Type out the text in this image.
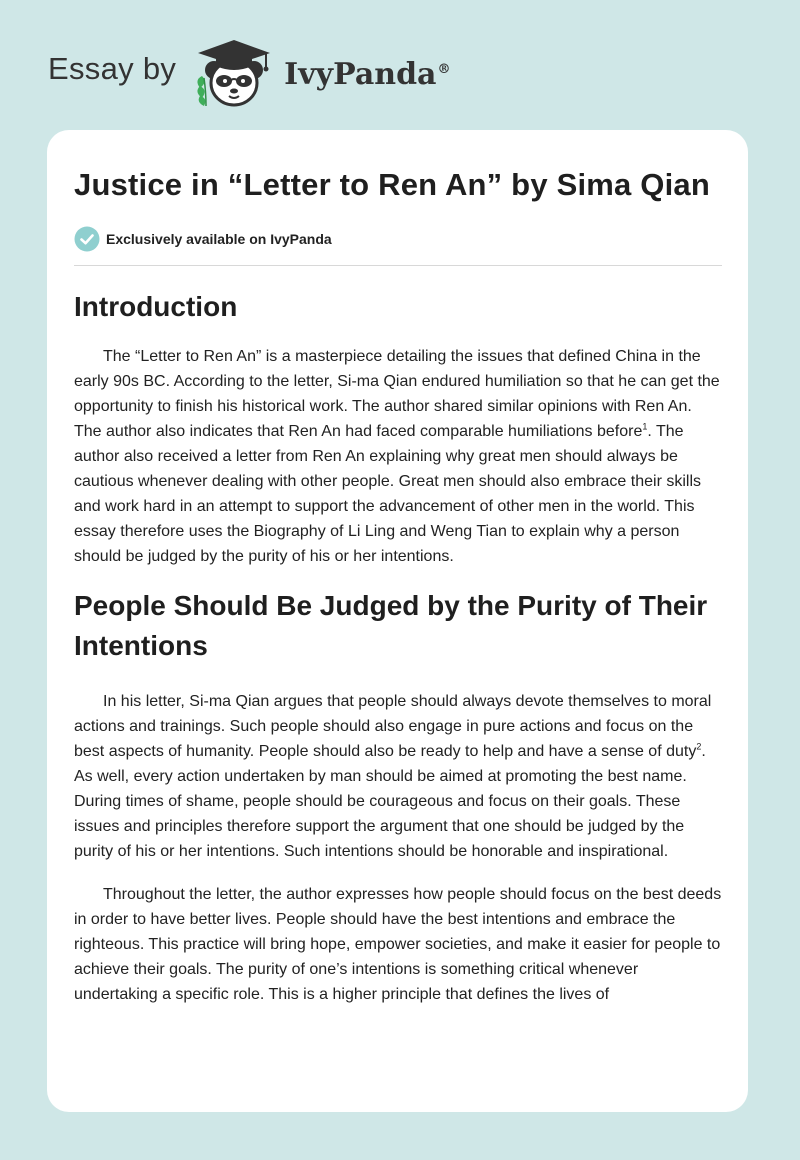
Essay by	IvyPanda®
Justice in “Letter to Ren An” by Sima Qian
Exclusively available on IvyPanda
Introduction

The “Letter to Ren An” is a masterpiece detailing the issues that defined China in the early 90s BC. According to the letter, Si-ma Qian endured humiliation so that he can get the opportunity to finish his historical work. The author shared similar opinions with Ren An. The author also indicates that Ren An had faced comparable humiliations before$^1$. The author also received a letter from Ren An explaining why great men should always be cautious whenever dealing with other people. Great men should also embrace their skills and work hard in an attempt to support the advancement of other men in the world. This essay therefore uses the Biography of Li Ling and Weng Tian to explain why a person should be judged by the purity of his or her intentions.

People Should Be Judged by the Purity of Their Intentions

In his letter, Si-ma Qian argues that people should always devote themselves to moral actions and trainings. Such people should also engage in pure actions and focus on the best aspects of humanity. People should also be ready to help and have a sense of duty$^2$. As well, every action undertaken by man should be aimed at promoting the best name. During times of shame, people should be courageous and focus on their goals. These issues and principles therefore support the argument that one should be judged by the purity of his or her intentions. Such intentions should be honorable and inspirational.

Throughout the letter, the author expresses how people should focus on the best deeds in order to have better lives. People should have the best intentions and embrace the righteous. This practice will bring hope, empower societies, and make it easier for people to achieve their goals. The purity of one’s intentions is something critical whenever undertaking a specific role. This is a higher principle that defines the lives of
